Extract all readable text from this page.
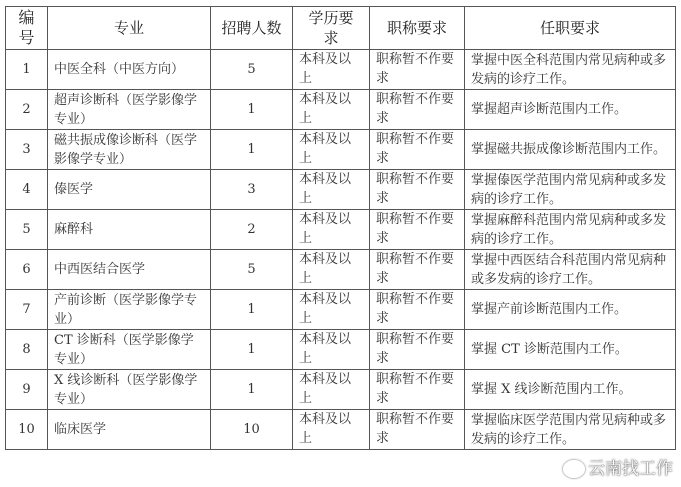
编号	专业	招聘人数	学历要求	职称要求	任职要求
1	中医全科（中医方向）	5	本科及以上	职称暂不作要求	掌握中医全科范围内常见病种或多发病的诊疗工作。
2	超声诊断科（医学影像学专业）	1	本科及以上	职称暂不作要求	掌握超声诊断范围内工作。
3	磁共振成像诊断科（医学影像学专业）	1	本科及以上	职称暂不作要求	掌握磁共振成像诊断范围内工作。
4	傣医学	3	本科及以上	职称暂不作要求	掌握傣医学范围内常见病种或多发病的诊疗工作。
5	麻醉科	2	本科及以上	职称暂不作要求	掌握麻醉科范围内常见病种或多发病的诊疗工作。
6	中西医结合医学	5	本科及以上	职称暂不作要求	掌握中西医结合科范围内常见病种或多发病的诊疗工作。
7	产前诊断（医学影像学专业）	1	本科及以上	职称暂不作要求	掌握产前诊断范围内工作。
8	CT 诊断科（医学影像学专业）	1	本科及以上	职称暂不作要求	掌握 CT 诊断范围内工作。
9	X 线诊断科（医学影像学专业）	1	本科及以上	职称暂不作要求	掌握 X 线诊断范围内工作。
10	临床医学	10	本科及以上	职称暂不作要求	掌握临床医学范围内常见病种或多发病的诊疗工作。
云南找工作
